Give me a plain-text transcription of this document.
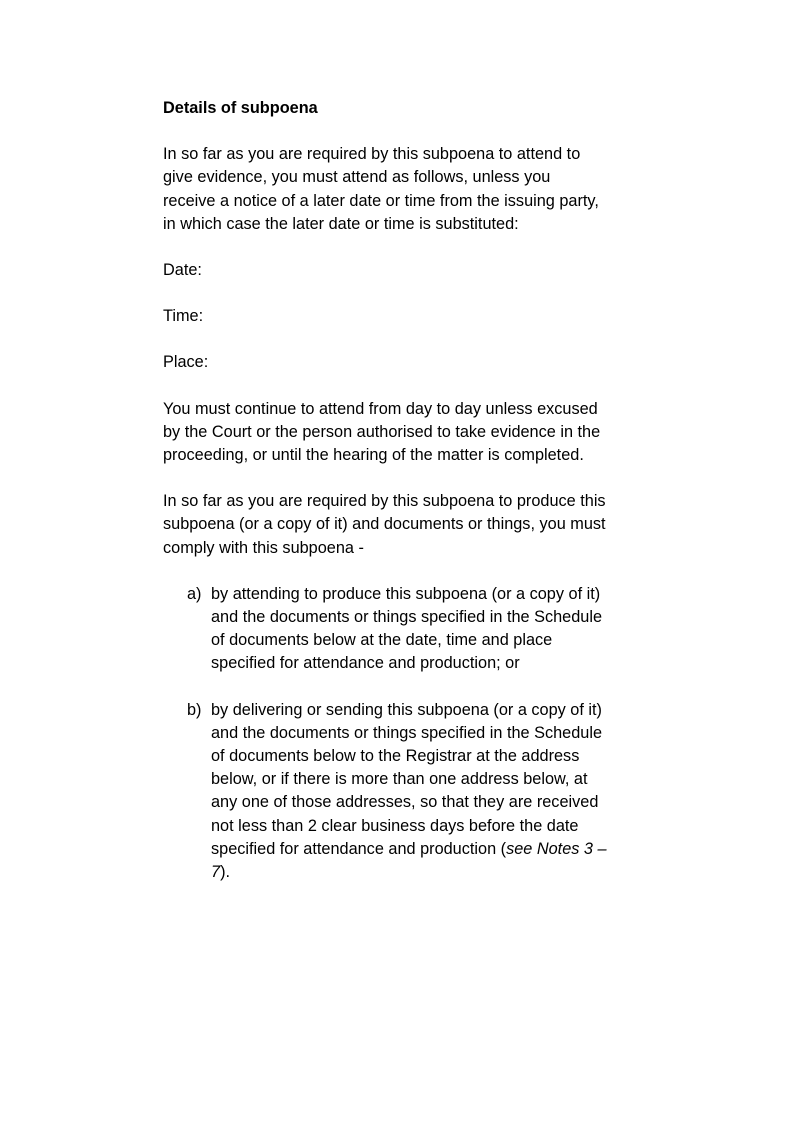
Details of subpoena
In so far as you are required by this subpoena to attend to
give evidence, you must attend as follows, unless you
receive a notice of a later date or time from the issuing party,
in which case the later date or time is substituted:
Date:
Time:
Place:
You must continue to attend from day to day unless excused
by the Court or the person authorised to take evidence in the
proceeding, or until the hearing of the matter is completed.
In so far as you are required by this subpoena to produce this
subpoena (or a copy of it) and documents or things, you must
comply with this subpoena -
a) by attending to produce this subpoena (or a copy of it)
and the documents or things specified in the Schedule
of documents below at the date, time and place
specified for attendance and production; or
b) by delivering or sending this subpoena (or a copy of it)
and the documents or things specified in the Schedule
of documents below to the Registrar at the address
below, or if there is more than one address below, at
any one of those addresses, so that they are received
not less than 2 clear business days before the date
specified for attendance and production (see Notes 3 –
7).
